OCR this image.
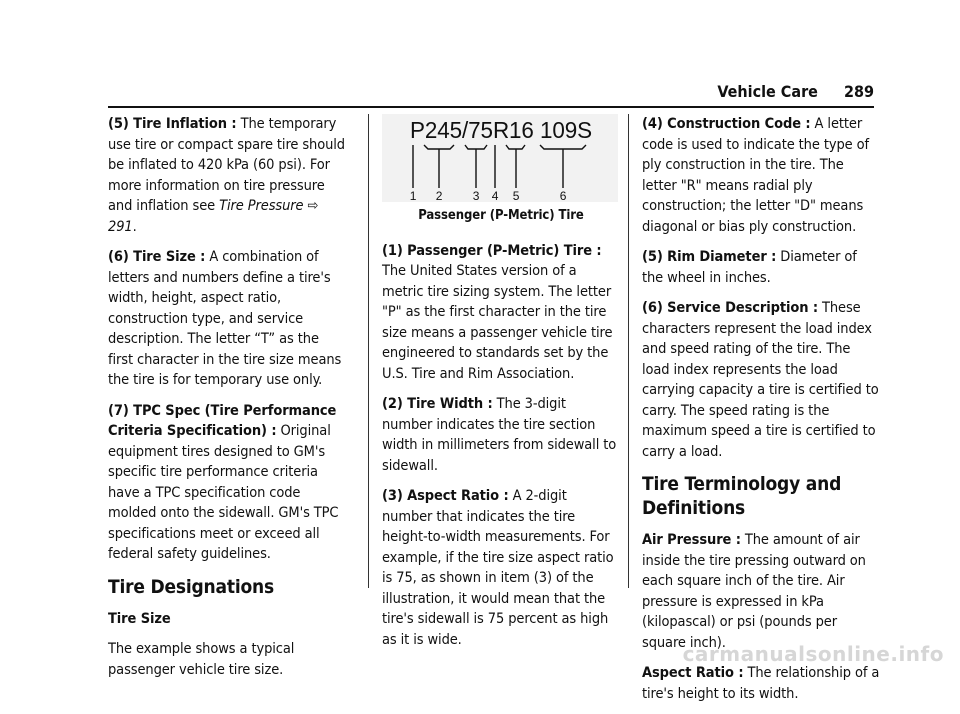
Vehicle Care 289

(5) Tire Inflation : The temporary use tire or compact spare tire should be inflated to 420 kPa (60 psi). For more information on tire pressure and inflation see Tire Pressure ⇨ 291.

(6) Tire Size : A combination of letters and numbers define a tire's width, height, aspect ratio, construction type, and service description. The letter “T” as the first character in the tire size means the tire is for temporary use only.

(7) TPC Spec (Tire Performance Criteria Specification) : Original equipment tires designed to GM's specific tire performance criteria have a TPC specification code molded onto the sidewall. GM's TPC specifications meet or exceed all federal safety guidelines.

Tire Designations
Tire Size

The example shows a typical passenger vehicle tire size.

P245/75R16 109S
1 2	3 4 5	6
Passenger (P-Metric) Tire

(1) Passenger (P-Metric) Tire : The United States version of a metric tire sizing system. The letter "P" as the first character in the tire size means a passenger vehicle tire engineered to standards set by the U.S. Tire and Rim Association.

(2) Tire Width : The 3-digit number indicates the tire section width in millimeters from sidewall to sidewall.

(3) Aspect Ratio : A 2-digit number that indicates the tire height-to-width measurements. For example, if the tire size aspect ratio is 75, as shown in item (3) of the illustration, it would mean that the tire's sidewall is 75 percent as high as it is wide.

(4) Construction Code : A letter code is used to indicate the type of ply construction in the tire. The letter "R" means radial ply construction; the letter "D" means diagonal or bias ply construction.

(5) Rim Diameter : Diameter of the wheel in inches.

(6) Service Description : These characters represent the load index and speed rating of the tire. The load index represents the load carrying capacity a tire is certified to carry. The speed rating is the maximum speed a tire is certified to carry a load.

Tire Terminology and Definitions

Air Pressure : The amount of air inside the tire pressing outward on each square inch of the tire. Air pressure is expressed in kPa (kilopascal) or psi (pounds per square inch).

Aspect Ratio : The relationship of a tire's height to its width.

carmanualsonline.info
